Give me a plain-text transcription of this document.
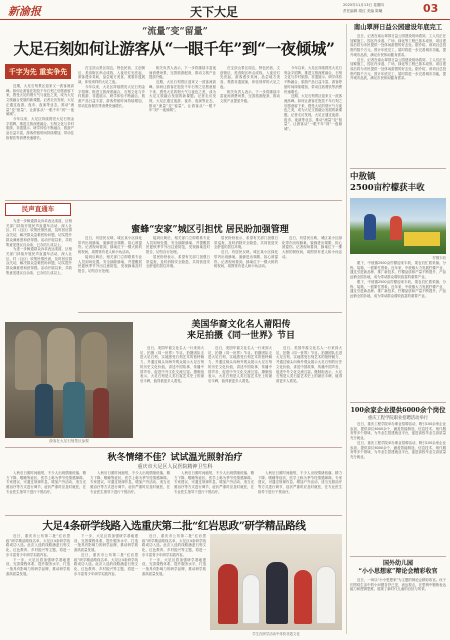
新渝报	天下大足	2025年11月13日 星期四
责任编辑 胡红 美编 陈曦	03
“流量”变“留量”
大足石刻如何让游客从“一眼千年”到“一夜倾城”
千字为先 重实争先

近期，大足石刻景区迎来又一波客流高峰。如何让游客在饱览千年石刻之后愿意留下来，感受大足的烟火气与夜色之美，成为大足文旅融合发展的新课题。记者走访发现，大足正通过夜游、夜市、夜演等业态，推动“流量”变“留量”，让游客从“一眼千年”到“一夜倾城”。

今年以来，大足区持续擦亮大足石刻金字招牌，推进文旅深度融合，石刻文化与乡村旅游、非遗展示、研学体验不断融合，旅游产品日益丰富，游客停留时间持续增加，带动住宿餐饮等消费快速增长。

在宝顶山景区周边，特色民宿、文创街区、美食街区串点成线，入夜后灯光亮起，游客漫步其间，品尝地方美食，观看非遗展演，体验别样的大足之夜。

今年以来，大足区持续擦亮大足石刻金字招牌，推进文旅深度融合，石刻文化与乡村旅游、非遗展示、研学体验不断融合，旅游产品日益丰富，游客停留时间持续增加，带动住宿餐饮等消费快速增长。

相关负责人表示，下一步将继续丰富夜间消费场景，完善旅游配套，推动文旅产业提质升级。

近期，大足石刻景区迎来又一波客流高峰。如何让游客在饱览千年石刻之后愿意留下来，感受大足的烟火气与夜色之美，成为大足文旅融合发展的新课题。记者走访发现，大足正通过夜游、夜市、夜演等业态，推动“流量”变“留量”，让游客从“一眼千年”到“一夜倾城”。

在宝顶山景区周边，特色民宿、文创街区、美食街区串点成线，入夜后灯光亮起，游客漫步其间，品尝地方美食，观看非遗展演，体验别样的大足之夜。

相关负责人表示，下一步将继续丰富夜间消费场景，完善旅游配套，推动文旅产业提质升级。

今年以来，大足区持续擦亮大足石刻金字招牌，推进文旅深度融合，石刻文化与乡村旅游、非遗展示、研学体验不断融合，旅游产品日益丰富，游客停留时间持续增加，带动住宿餐饮等消费快速增长。

近期，大足石刻景区迎来又一波客流高峰。如何让游客在饱览千年石刻之后愿意留下来，感受大足的烟火气与夜色之美，成为大足文旅融合发展的新课题。记者走访发现，大足正通过夜游、夜市、夜演等业态，推动“流量”变“留量”，让游客从“一眼千年”到“一夜倾城”。

民声直通车

为进一步畅通群众诉求表达渠道，区相关部门持续开展民声直通车活动，深入社区、村（社区）收集民情民意，及时回应群众关切，解决群众急难愁盼问题，切实提升群众满意度和获得感。活动开展以来，共收集意见建议百余条，已办结九成以上。

为进一步畅通群众诉求表达渠道，区相关部门持续开展民声直通车活动，深入社区、村（社区）收集民情民意，及时回应群众关切，解决群众急难愁盼问题，切实提升群众满意度和获得感。活动开展以来，共收集意见建议百余条，已办结九成以上。

蜜蜂“安家”城区引担忧 居民盼加强管理

近日，有居民反映，城区某小区绿化带内出现蜂巢，蜜蜂进出频繁，担心被蜇伤。记者现场看到，蜂巢位于一棵大树的树杈间，周围常有老人和小孩活动。

接到反映后，相关部门立即联系专业人员到场处置，安全摘除蜂巢，并提醒居民夏秋季节外出注意防范，发现蜂巢及时报告，切勿自行处理。

接到反映后，相关部门立即联系专业人员到场处置，安全摘除蜂巢，并提醒居民夏秋季节外出注意防范，发现蜂巢及时报告，切勿自行处理。

居民纷纷表示，希望有关部门加强日常巡查，及时消除安全隐患，共同营造安全舒适的居住环境。

居民纷纷表示，希望有关部门加强日常巡查，及时消除安全隐患，共同营造安全舒适的居住环境。

近日，有居民反映，城区某小区绿化带内出现蜂巢，蜜蜂进出频繁，担心被蜇伤。记者现场看到，蜂巢位于一棵大树的树杈间，周围常有老人和小孩活动。

近日，有居民反映，城区某小区绿化带内出现蜂巢，蜜蜂进出频繁，担心被蜇伤。记者现场看到，蜂巢位于一棵大树的树杈间，周围常有老人和小孩活动。

游客在大足石刻景区参观
美国华裔文化名人莆阳传
来足拍摄《同一世界》节目

近日，美国华裔文化名人一行来到大足，拍摄《同一世界》节目。拍摄团队走进大足石刻，实地感受石刻艺术的独特魅力，并通过镜头向海外观众展示大足石刻的历史文化价值，讲述中国故事，传播中国声音，促进中外文化交流互鉴。摄制组表示，大足石刻是人类石窟艺术史上的最后丰碑，值得被更多人看见。

近日，美国华裔文化名人一行来到大足，拍摄《同一世界》节目。拍摄团队走进大足石刻，实地感受石刻艺术的独特魅力，并通过镜头向海外观众展示大足石刻的历史文化价值，讲述中国故事，传播中国声音，促进中外文化交流互鉴。摄制组表示，大足石刻是人类石窟艺术史上的最后丰碑，值得被更多人看见。

近日，美国华裔文化名人一行来到大足，拍摄《同一世界》节目。拍摄团队走进大足石刻，实地感受石刻艺术的独特魅力，并通过镜头向海外观众展示大足石刻的历史文化价值，讲述中国故事，传播中国声音，促进中外文化交流互鉴。摄制组表示，大足石刻是人类石窟艺术史上的最后丰碑，值得被更多人看见。

秋冬情绪不佳？试试温光照射治疗
重庆市大足区人民医院精神卫生科

入秋后日照时间缩短，不少人出现情绪低落、精力下降、嗜睡等症状，医学上称为季节性情感障碍。专家建议，可通过规律作息、增加户外活动、适当光照治疗等方式进行调节，症状严重时应及时就医，在专业医生指导下进行干预治疗。

入秋后日照时间缩短，不少人出现情绪低落、精力下降、嗜睡等症状，医学上称为季节性情感障碍。专家建议，可通过规律作息、增加户外活动、适当光照治疗等方式进行调节，症状严重时应及时就医，在专业医生指导下进行干预治疗。

入秋后日照时间缩短，不少人出现情绪低落、精力下降、嗜睡等症状，医学上称为季节性情感障碍。专家建议，可通过规律作息、增加户外活动、适当光照治疗等方式进行调节，症状严重时应及时就医，在专业医生指导下进行干预治疗。

入秋后日照时间缩短，不少人出现情绪低落、精力下降、嗜睡等症状，医学上称为季节性情感障碍。专家建议，可通过规律作息、增加户外活动、适当光照治疗等方式进行调节，症状严重时应及时就医，在专业医生指导下进行干预治疗。

大足4条研学线路入选重庆第二批“红岩思政”研学精品路线

近日，重庆市公布第二批“红岩思政”研学精品路线名单，大足区4条研学线路成功入选。此次入选的线路涵盖石刻文化、红色教育、乡村振兴等主题，将进一步丰富青少年研学实践内容。

下一步，大足区将加强研学基地建设，完善课程体系，提升服务水平，打造一批具有影响力的研学品牌，推动研学旅游高质量发展。

下一步，大足区将加强研学基地建设，完善课程体系，提升服务水平，打造一批具有影响力的研学品牌，推动研学旅游高质量发展。

近日，重庆市公布第二批“红岩思政”研学精品路线名单，大足区4条研学线路成功入选。此次入选的线路涵盖石刻文化、红色教育、乡村振兴等主题，将进一步丰富青少年研学实践内容。

近日，重庆市公布第二批“红岩思政”研学精品路线名单，大足区4条研学线路成功入选。此次入选的线路涵盖石刻文化、红色教育、乡村振兴等主题，将进一步丰富青少年研学实践内容。

下一步，大足区将加强研学基地建设，完善课程体系，提升服务水平，打造一批具有影响力的研学品牌，推动研学旅游高质量发展。

学生在研学活动中体验非遗文化
南山翠屏日益公园建设年底完工

近日，记者在南山翠屏日益公园建设现场看到，工人们正在加紧施工，园区内步道、广场、绿化等工程已基本成形，项目建成后将为市民提供一处休闲游憩的好去处。据介绍，该项目总投资约数千万元，预计年底完工，届时将进一步完善城市功能，提升城市品质，满足市民休闲健身需求。

近日，记者在南山翠屏日益公园建设现场看到，工人们正在加紧施工，园区内步道、广场、绿化等工程已基本成形，项目建成后将为市民提供一处休闲游憩的好去处。据介绍，该项目总投资约数千万元，预计年底完工，届时将进一步完善城市功能，提升城市品质，满足市民休闲健身需求。

中敖镇
2500亩柠檬获丰收
柠檬丰收

眼下，中敖镇2500亩柠檬迎来丰收，果农们忙着采摘、分拣、装箱，一派繁忙景象。近年来，中敖镇大力发展柠檬产业，通过引进新品种、推广新技术，柠檬品质和产量不断提升，产品远销全国各地，成为带动群众增收致富的重要产业。

眼下，中敖镇2500亩柠檬迎来丰收，果农们忙着采摘、分拣、装箱，一派繁忙景象。近年来，中敖镇大力发展柠檬产业，通过引进新品种、推广新技术，柠檬品质和产量不断提升，产品远销全国各地，成为带动群众增收致富的重要产业。

100余家企业提供6000余个岗位
重庆工程学院职业招聘活动举行

近日，重庆工程学院举办职业招聘活动，吸引100余家企业参加，提供岗位6000余个，涵盖智能制造、信息技术、现代服务等多个领域，为毕业生搭建就业平台，促进高校毕业生高质量充分就业。

近日，重庆工程学院举办职业招聘活动，吸引100余家企业参加，提供岗位6000余个，涵盖智能制造、信息技术、现代服务等多个领域，为毕业生搭建就业平台，促进高校毕业生高质量充分就业。

国外幼儿园
“小小思想家”辩论会精彩收官

近日，一场以“小小思想家”为主题的辩论会精彩收官。孩子们围绕生活中的小问题各抒己见，表达观点，在思辨中锻炼表达能力和逻辑思维，展现了新时代儿童的自信与风采。
